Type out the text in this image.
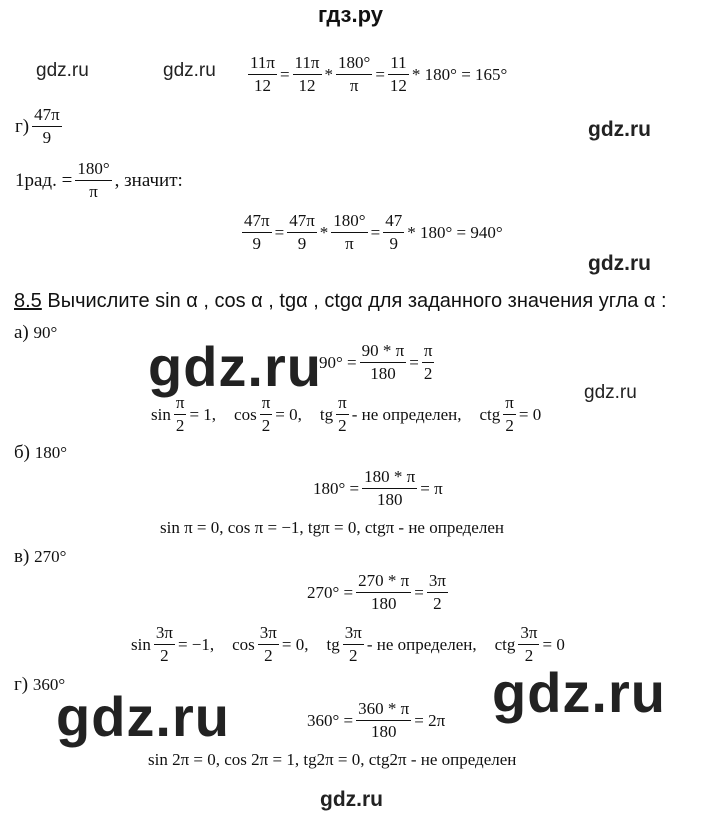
гдз.ру
gdz.ru	gdz.ru
gdz.ru
gdz.ru
gdz.ru
gdz.ru
gdz.ru
gdz.ru
gdz.ru
$\frac{11\pi}{12} = \frac{11\pi}{12} * \frac{180^\circ}{\pi} = \frac{11}{12} * 180^\circ = 165^\circ$
г)
47π
9
1рад. = $\frac{180^\circ}{\pi}$ , значит:
$\frac{47\pi}{9} = \frac{47\pi}{9} * \frac{180^\circ}{\pi} = \frac{47}{9} * 180^\circ = 940^\circ$
8.5 Вычислите sin α , cos α , tgα , ctgα для заданного значения угла α :
а) 90°
$90^\circ = \frac{90 * \pi}{180} = \frac{\pi}{2}$
$\sin \frac{\pi}{2} = 1$, $\cos \frac{\pi}{2} = 0$, tg
π
2
- не определен, ctg $\frac{\pi}{2} = 0$
б) 180°
$180^\circ = \frac{180 * \pi}{180} = \pi$
sin π = 0, cos π = −1, tgπ = 0, ctgπ - не определен
в) 270°
$270^\circ = \frac{270 * \pi}{180} = \frac{3\pi}{2}$
$\sin \frac{3\pi}{2} = -1$, $\cos \frac{3\pi}{2} = 0$, tg
3π
2
- не определен, ctg $\frac{3\pi}{2} = 0$
г) 360°
$360^\circ = \frac{360 * \pi}{180} = 2\pi$
sin 2π = 0, cos 2π = 1, tg2π = 0, ctg2π - не определен
